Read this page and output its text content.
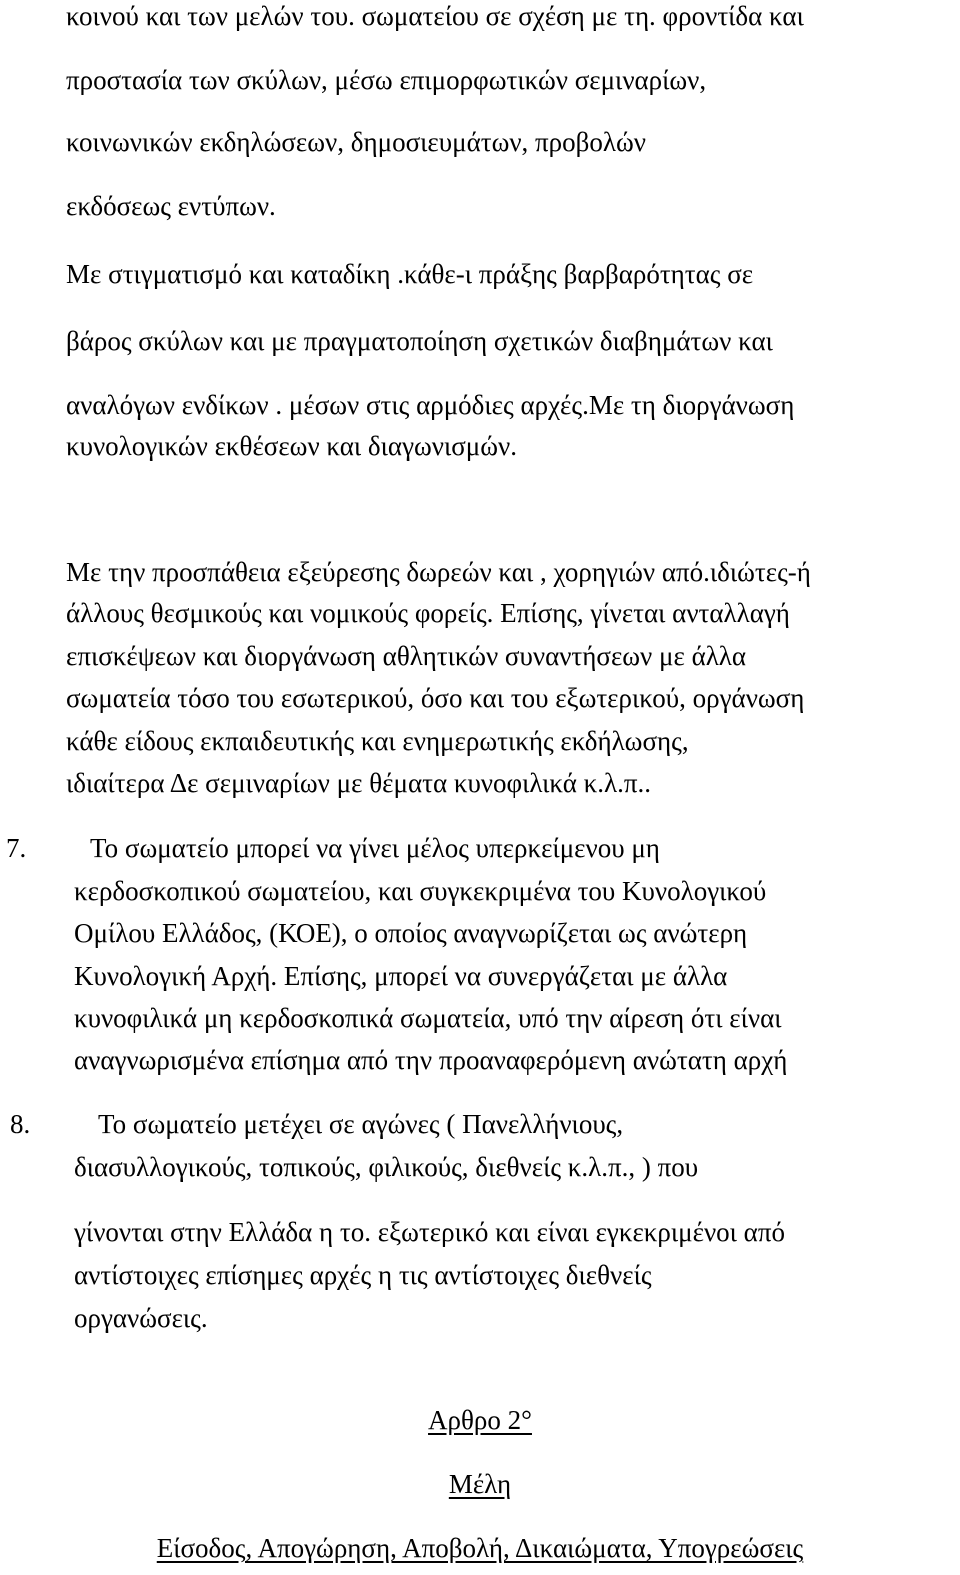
κοινού και των μελών του. σωματείου σε σχέση με τη. φροντίδα και

προστασία των σκύλων, μέσω επιμορφωτικών σεμιναρίων,

κοινωνικών εκδηλώσεων, δημοσιευμάτων, προβολών

εκδόσεως εντύπων.

Με στιγματισμό και καταδίκη .κάθε-ι πράξης βαρβαρότητας σε

βάρος σκύλων και με πραγματοποίηση σχετικών διαβημάτων και

αναλόγων ενδίκων . μέσων στις αρμόδιες αρχές.Με τη διοργάνωση

κυνολογικών εκθέσεων και διαγωνισμών.

Με την προσπάθεια εξεύρεσης δωρεών και , χορηγιών από.ιδιώτες-ή

άλλους θεσμικούς και νομικούς φορείς. Επίσης, γίνεται ανταλλαγή

επισκέψεων και διοργάνωση αθλητικών συναντήσεων με άλλα

σωματεία τόσο του εσωτερικού, όσο και του εξωτερικού, οργάνωση

κάθε είδους εκπαιδευτικής και ενημερωτικής εκδήλωσης,

ιδιαίτερα Δε σεμιναρίων με θέματα κυνοφιλικά κ.λ.π..

7. Το σωματείο μπορεί να γίνει μέλος υπερκείμενου μη

κερδοσκοπικού σωματείου, και συγκεκριμένα του Κυνολογικού

Ομίλου Ελλάδος, (ΚΟΕ), ο οποίος αναγνωρίζεται ως ανώτερη

Κυνολογική Αρχή. Επίσης, μπορεί να συνεργάζεται με άλλα

κυνοφιλικά μη κερδοσκοπικά σωματεία, υπό την αίρεση ότι είναι

αναγνωρισμένα επίσημα από την προαναφερόμενη ανώτατη αρχή

8.	Το σωματείο μετέχει σε αγώνες ( Πανελλήνιους,

διασυλλογικούς, τοπικούς, φιλικούς, διεθνείς κ.λ.π., ) που

γίνονται στην Ελλάδα η το. εξωτερικό και είναι εγκεκριμένοι από

αντίστοιχες επίσημες αρχές η τις αντίστοιχες διεθνείς

οργανώσεις.

Αρθρο 2°

Μέλη

Είσοδος, Απογώρηση, Αποβολή, Δικαιώματα, Υπογρεώσεις
